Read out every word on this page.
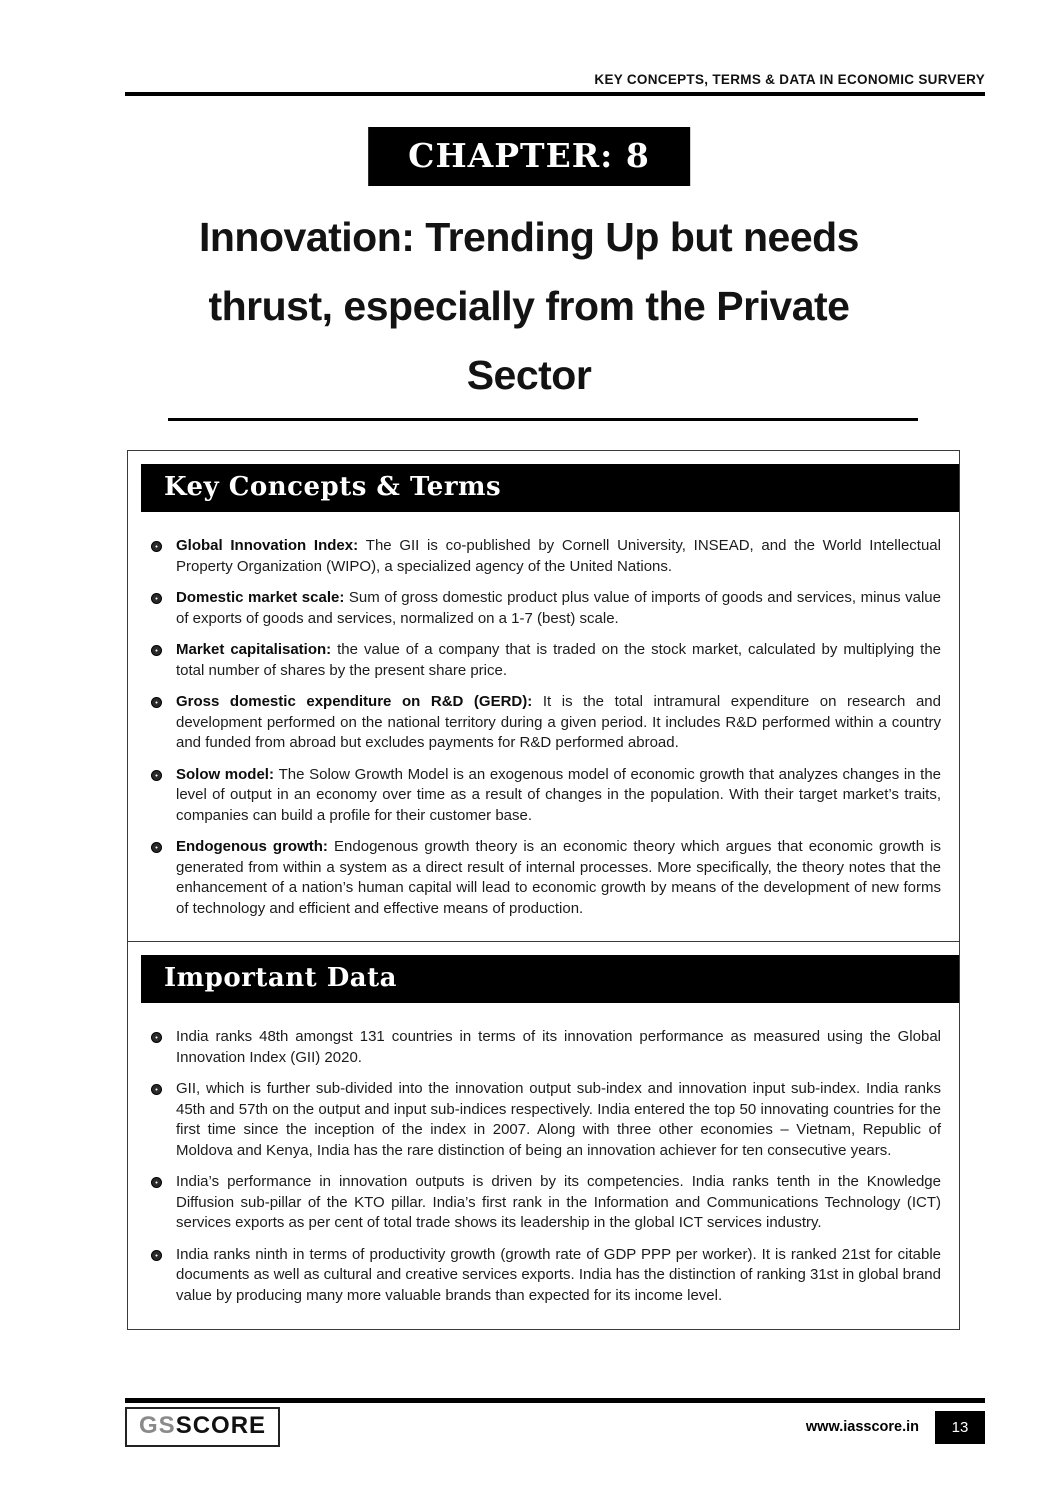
KEY CONCEPTS, TERMS & DATA IN ECONOMIC SURVERY
CHAPTER: 8
Innovation: Trending Up but needs
thrust, especially from the Private
Sector
Key Concepts & Terms
Global Innovation Index: The GII is co-published by Cornell University, INSEAD, and the World Intellectual Property Organization (WIPO), a specialized agency of the United Nations.
Domestic market scale: Sum of gross domestic product plus value of imports of goods and services, minus value of exports of goods and services, normalized on a 1-7 (best) scale.
Market capitalisation: the value of a company that is traded on the stock market, calculated by multiplying the total number of shares by the present share price.
Gross domestic expenditure on R&D (GERD): It is the total intramural expenditure on research and development performed on the national territory during a given period. It includes R&D performed within a country and funded from abroad but excludes payments for R&D performed abroad.
Solow model: The Solow Growth Model is an exogenous model of economic growth that analyzes changes in the level of output in an economy over time as a result of changes in the population. With their target market’s traits, companies can build a profile for their customer base.
Endogenous growth: Endogenous growth theory is an economic theory which argues that economic growth is generated from within a system as a direct result of internal processes. More specifically, the theory notes that the enhancement of a nation’s human capital will lead to economic growth by means of the development of new forms of technology and efficient and effective means of production.
Important Data
India ranks 48th amongst 131 countries in terms of its innovation performance as measured using the Global Innovation Index (GII) 2020.
GII, which is further sub-divided into the innovation output sub-index and innovation input sub-index. India ranks 45th and 57th on the output and input sub-indices respectively. India entered the top 50 innovating countries for the first time since the inception of the index in 2007. Along with three other economies – Vietnam, Republic of Moldova and Kenya, India has the rare distinction of being an innovation achiever for ten consecutive years.
India’s performance in innovation outputs is driven by its competencies. India ranks tenth in the Knowledge Diffusion sub-pillar of the KTO pillar. India’s first rank in the Information and Communications Technology (ICT) services exports as per cent of total trade shows its leadership in the global ICT services industry.
India ranks ninth in terms of productivity growth (growth rate of GDP PPP per worker). It is ranked 21st for citable documents as well as cultural and creative services exports. India has the distinction of ranking 31st in global brand value by producing many more valuable brands than expected for its income level.
GSSCORE	www.iasscore.in	13
